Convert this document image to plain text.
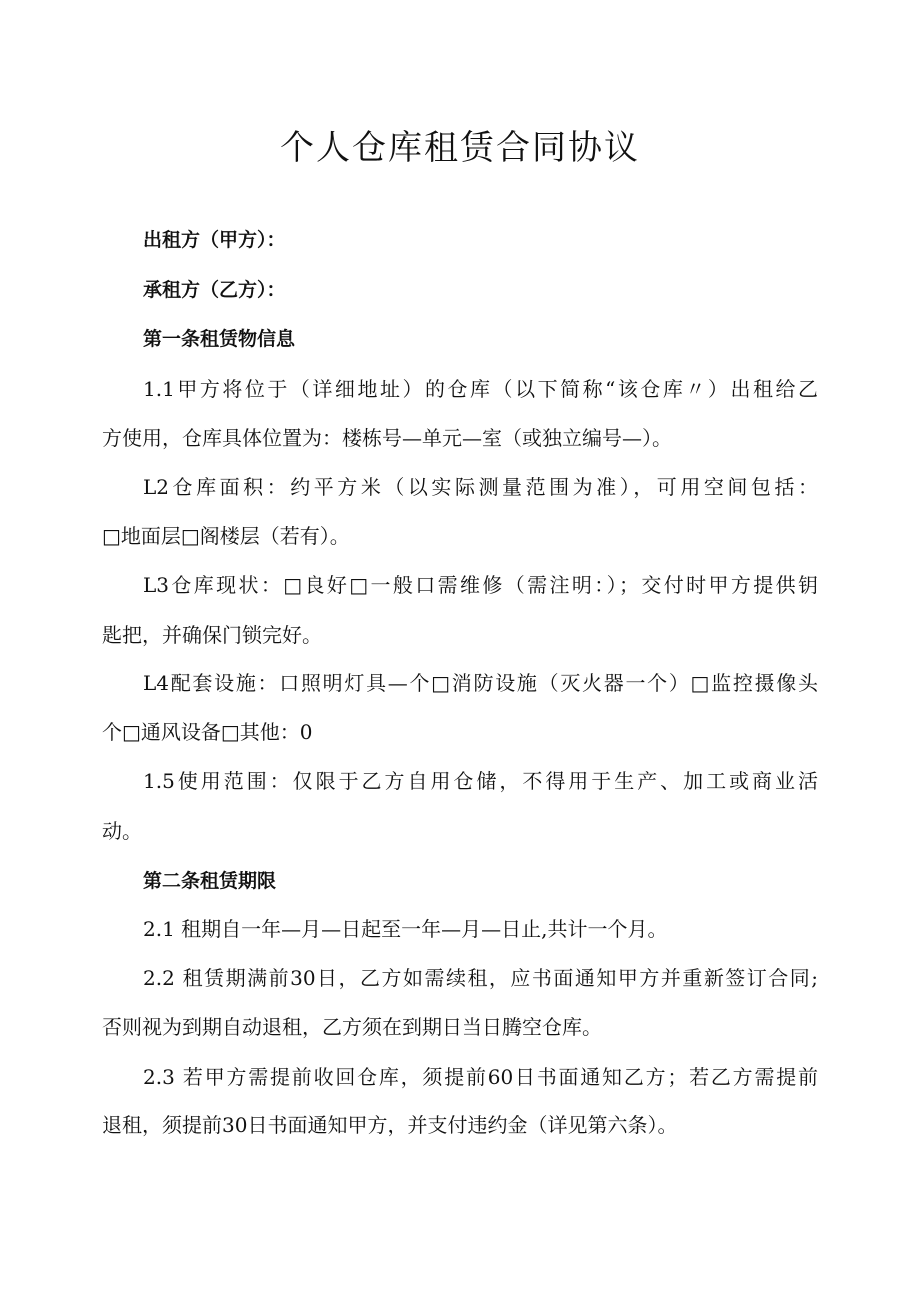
个人仓库租赁合同协议
出租方（甲方）：
承租方（乙方）：
第一条租赁物信息
1.1甲方将位于（详细地址）的仓库（以下简称“该仓库〃）出租给乙
方使用，仓库具体位置为：楼栋号—单元—室（或独立编号—）。
L2仓库面积：约平方米（以实际测量范围为准），可用空间包括：
□地面层□阁楼层（若有）。
L3仓库现状：□良好□一般口需维修（需注明：）；交付时甲方提供钥
匙把，并确保门锁完好。
L4配套设施：口照明灯具—个□消防设施（灭火器一个）□监控摄像头
个□通风设备□其他：0
1.5使用范围：仅限于乙方自用仓储，不得用于生产、加工或商业活
动。
第二条租赁期限
2.1 租期自一年—月—日起至一年—月—日止,共计一个月。
2.2 租赁期满前30日，乙方如需续租，应书面通知甲方并重新签订合同;
否则视为到期自动退租，乙方须在到期日当日腾空仓库。
2.3 若甲方需提前收回仓库，须提前60日书面通知乙方；若乙方需提前
退租，须提前30日书面通知甲方，并支付违约金（详见第六条）。
